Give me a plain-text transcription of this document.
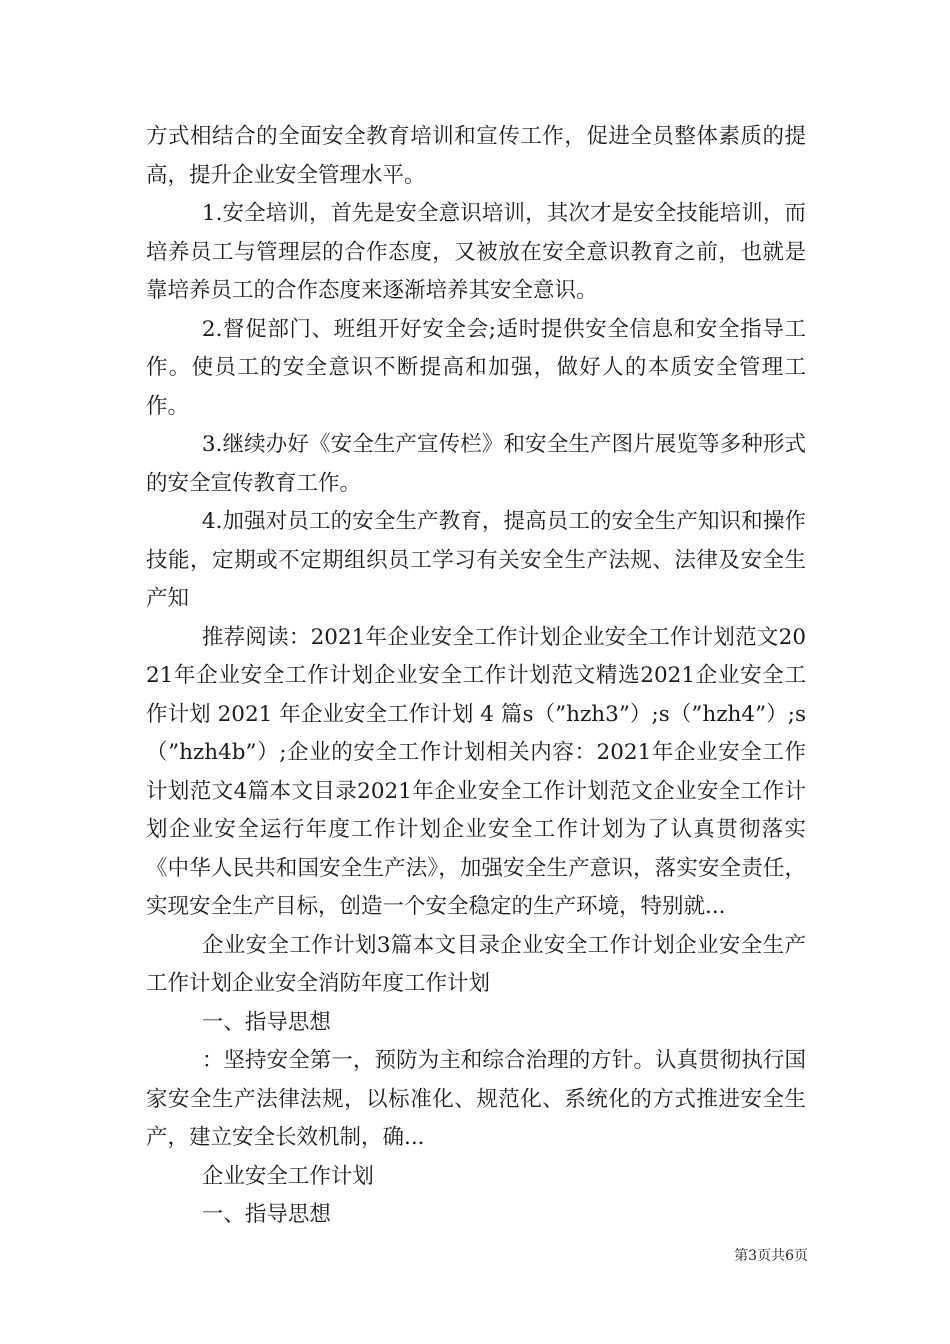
方式相结合的全面安全教育培训和宣传工作，促进全员整体素质的提高，提升企业安全管理水平。

1.安全培训，首先是安全意识培训，其次才是安全技能培训，而培养员工与管理层的合作态度，又被放在安全意识教育之前，也就是靠培养员工的合作态度来逐渐培养其安全意识。

2.督促部门、班组开好安全会;适时提供安全信息和安全指导工作。使员工的安全意识不断提高和加强，做好人的本质安全管理工作。

3.继续办好《安全生产宣传栏》和安全生产图片展览等多种形式的安全宣传教育工作。

4.加强对员工的安全生产教育，提高员工的安全生产知识和操作技能，定期或不定期组织员工学习有关安全生产法规、法律及安全生产知

推荐阅读：2021年企业安全工作计划企业安全工作计划范文2021年企业安全工作计划企业安全工作计划范文精选2021企业安全工作计划 2021 年企业安全工作计划 4 篇s（”hzh3”）;s（”hzh4”）;s（”hzh4b”）;企业的安全工作计划相关内容：2021年企业安全工作计划范文4篇本文目录2021年企业安全工作计划范文企业安全工作计划企业安全运行年度工作计划企业安全工作计划为了认真贯彻落实《中华人民共和国安全生产法》，加强安全生产意识，落实安全责任，实现安全生产目标，创造一个安全稳定的生产环境，特别就...

企业安全工作计划3篇本文目录企业安全工作计划企业安全生产工作计划企业安全消防年度工作计划

一、指导思想

：坚持安全第一，预防为主和综合治理的方针。认真贯彻执行国家安全生产法律法规，以标准化、规范化、系统化的方式推进安全生产，建立安全长效机制，确...

企业安全工作计划

一、指导思想

第3页共6页
